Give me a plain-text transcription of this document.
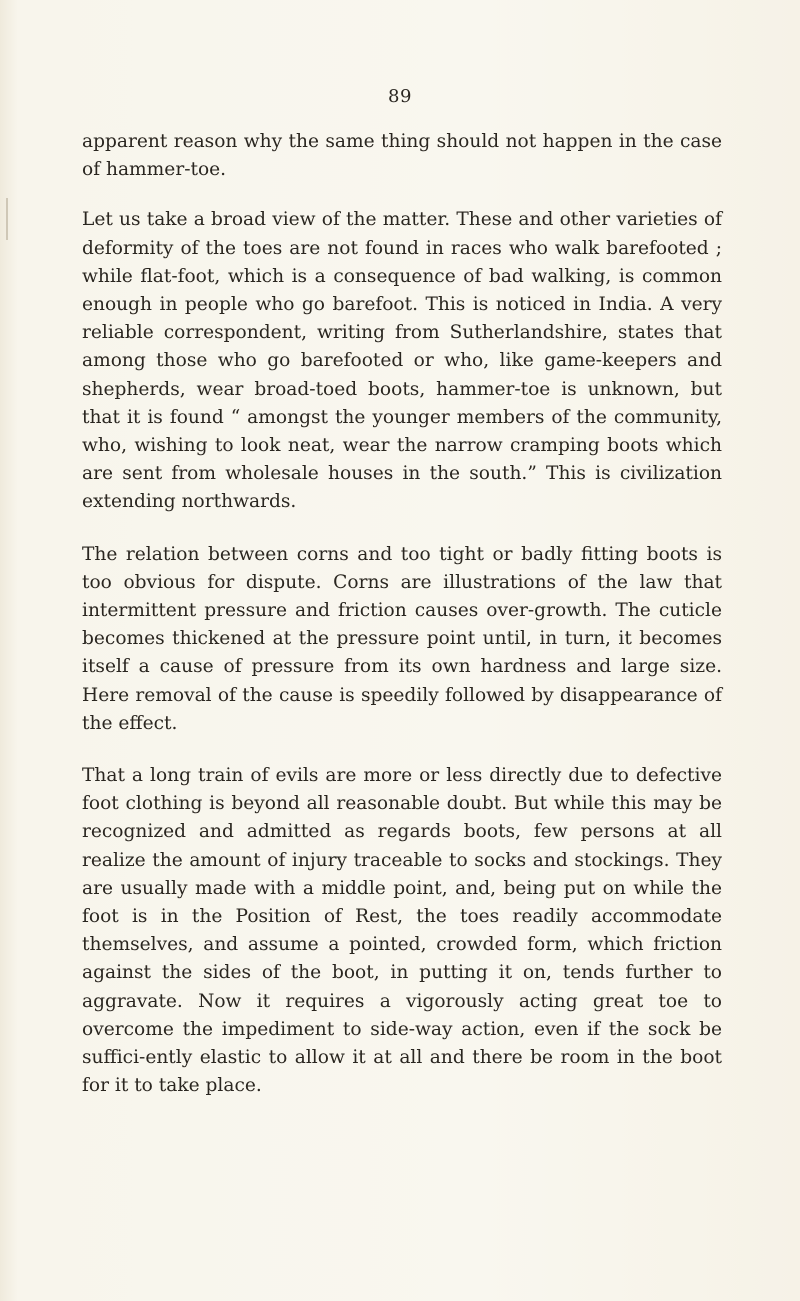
89

apparent reason why the same thing should not happen in the case of hammer-toe.

Let us take a broad view of the matter. These and other varieties of deformity of the toes are not found in races who walk barefooted ; while flat-foot, which is a consequence of bad walking, is common enough in people who go barefoot. This is noticed in India. A very reliable correspondent, writing from Sutherlandshire, states that among those who go barefooted or who, like game-keepers and shepherds, wear broad-toed boots, hammer-toe is unknown, but that it is found “ amongst the younger members of the community, who, wishing to look neat, wear the narrow cramping boots which are sent from wholesale houses in the south.” This is civilization extending northwards.

The relation between corns and too tight or badly fitting boots is too obvious for dispute. Corns are illustrations of the law that intermittent pressure and friction causes over-growth. The cuticle becomes thickened at the pressure point until, in turn, it becomes itself a cause of pressure from its own hardness and large size. Here removal of the cause is speedily followed by disappearance of the effect.

That a long train of evils are more or less directly due to defective foot clothing is beyond all reasonable doubt. But while this may be recognized and admitted as regards boots, few persons at all realize the amount of injury traceable to socks and stockings. They are usually made with a middle point, and, being put on while the foot is in the Position of Rest, the toes readily accommodate themselves, and assume a pointed, crowded form, which friction against the sides of the boot, in putting it on, tends further to aggravate. Now it requires a vigorously acting great toe to overcome the impediment to side-way action, even if the sock be suffici-ently elastic to allow it at all and there be room in the boot for it to take place.
